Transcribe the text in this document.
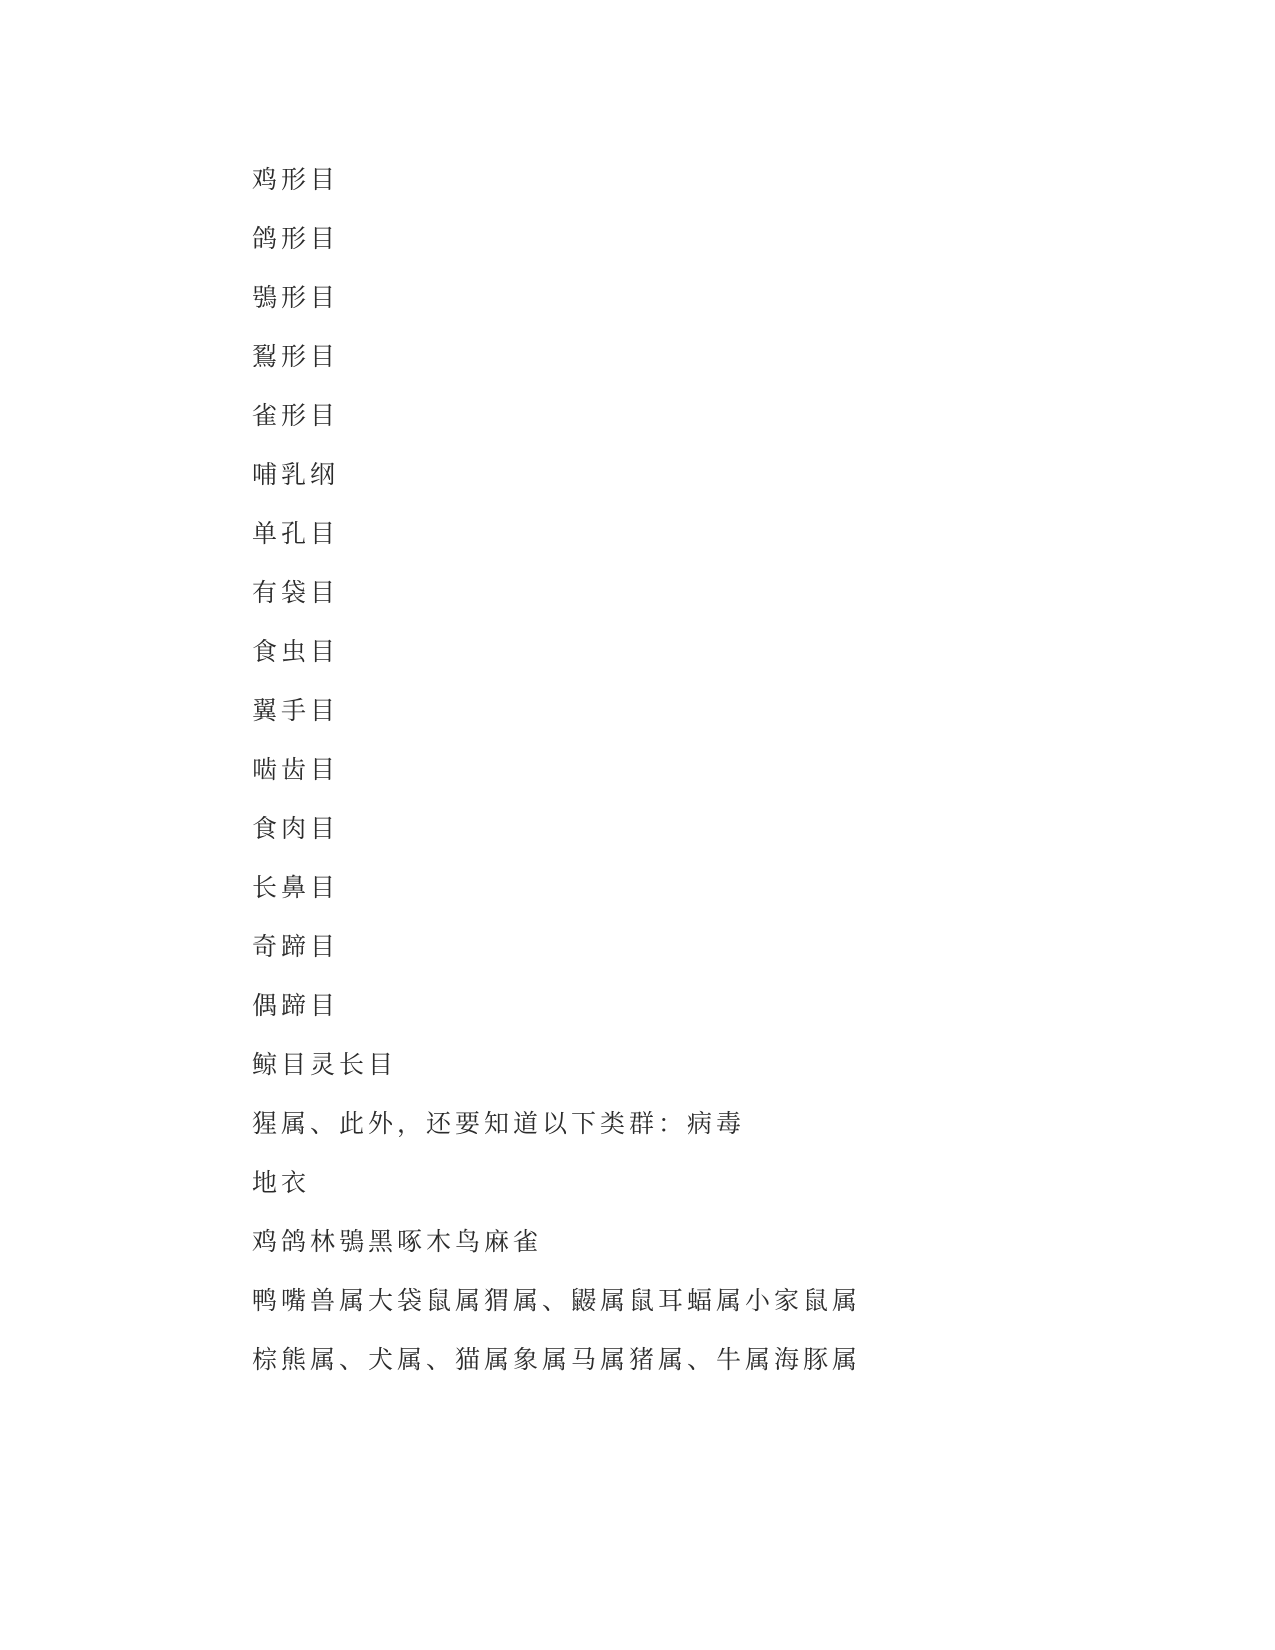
鸡形目
鸽形目
鴞形目
鴷形目
雀形目
哺乳纲
单孔目
有袋目
食虫目
翼手目
啮齿目
食肉目
长鼻目
奇蹄目
偶蹄目
鲸目灵长目
猩属、此外，还要知道以下类群：病毒
地衣
鸡鸽林鴞黑啄木鸟麻雀
鸭嘴兽属大袋鼠属猬属、鼹属鼠耳蝠属小家鼠属
棕熊属、犬属、猫属象属马属猪属、牛属海豚属
